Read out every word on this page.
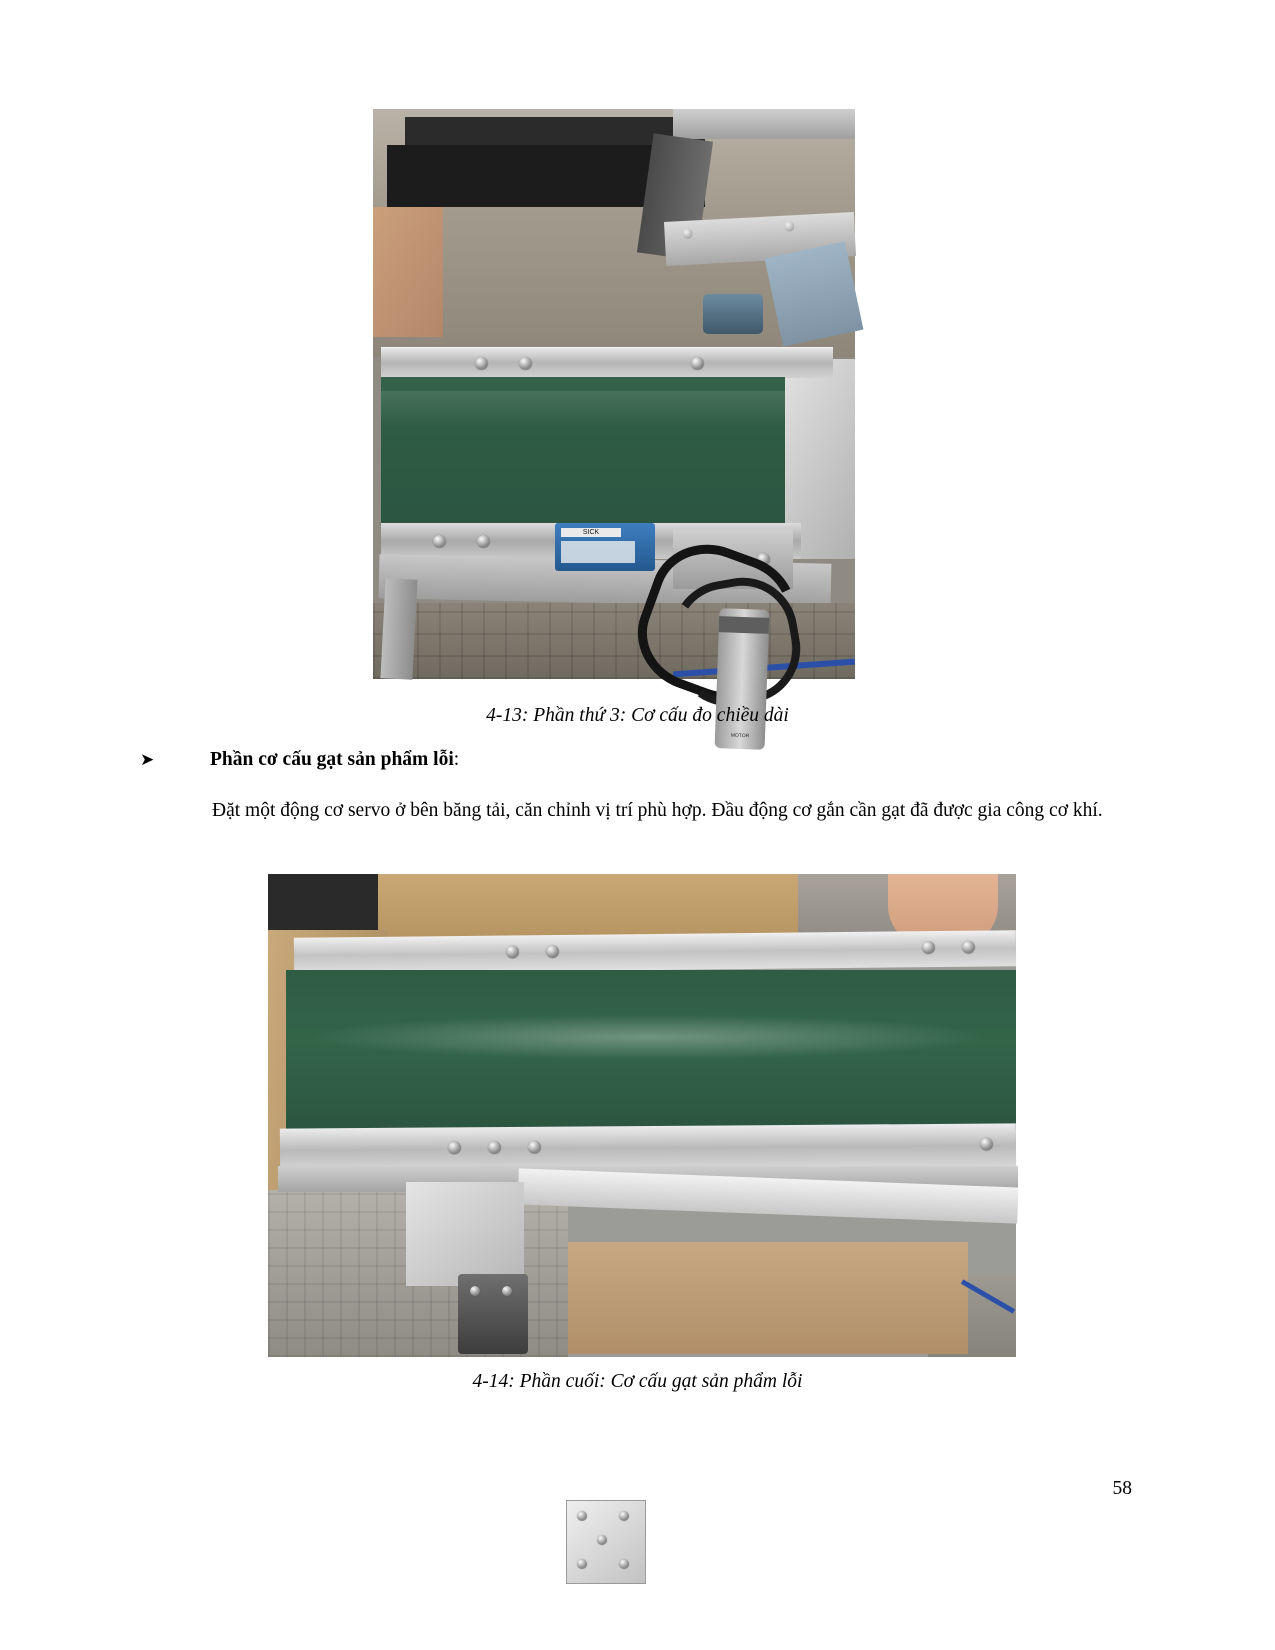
SICK
MOTOR
4-13: Phần thứ 3: Cơ cấu đo chiều dài
➤	Phần cơ cấu gạt sản phẩm lỗi:
Đặt một động cơ servo ở bên băng tải, căn chỉnh vị trí phù hợp. Đầu động cơ gắn cần gạt đã được gia công cơ khí.
4-14: Phần cuối: Cơ cấu gạt sản phẩm lỗi
58
